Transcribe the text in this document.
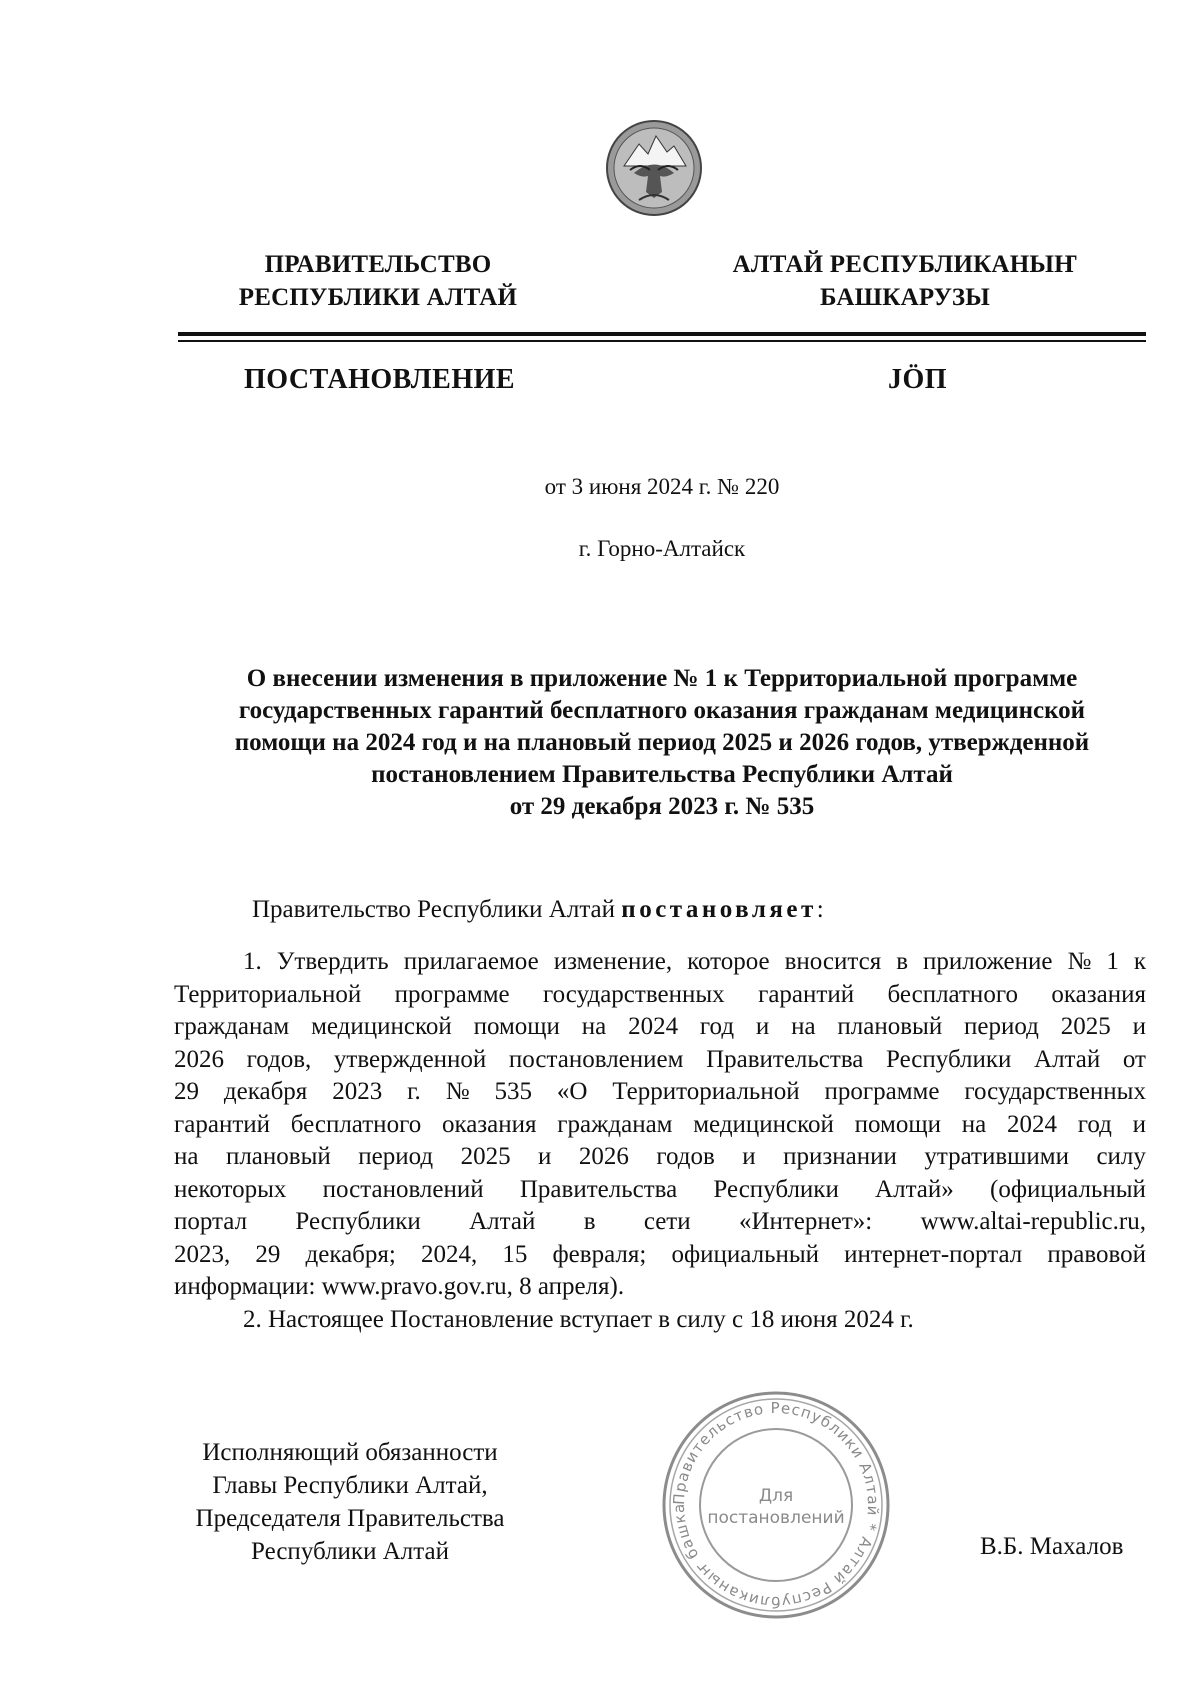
ПРАВИТЕЛЬСТВО
РЕСПУБЛИКИ АЛТАЙ
АЛТАЙ РЕСПУБЛИКАНЫҤ
БАШКАРУЗЫ
ПОСТАНОВЛЕНИЕ	JÖП
от 3 июня 2024 г. № 220
г. Горно-Алтайск
О внесении изменения в приложение № 1 к Территориальной программе
государственных гарантий бесплатного оказания гражданам медицинской
помощи на 2024 год и на плановый период 2025 и 2026 годов, утвержденной
постановлением Правительства Республики Алтай
от 29 декабря 2023 г. № 535
Правительство Республики Алтай постановляет:
1. Утвердить прилагаемое изменение, которое вносится в приложение № 1 к
Территориальной программе государственных гарантий бесплатного оказания
гражданам медицинской помощи на 2024 год и на плановый период 2025 и
2026 годов, утвержденной постановлением Правительства Республики Алтай от
29 декабря 2023 г. № 535 «О Территориальной программе государственных
гарантий бесплатного оказания гражданам медицинской помощи на 2024 год и
на плановый период 2025 и 2026 годов и признании утратившими силу
некоторых постановлений Правительства Республики Алтай» (официальный
портал Республики Алтай в сети «Интернет»: www.altai-republic.ru,
2023, 29 декабря; 2024, 15 февраля; официальный интернет-портал правовой
информации: www.pravo.gov.ru, 8 апреля).
2. Настоящее Постановление вступает в силу с 18 июня 2024 г.
Исполняющий обязанности
Главы Республики Алтай,
Председателя Правительства
Республики Алтай	В.Б. Махалов
Правительство Республики Алтай * Алтай Республиканыҥ башка
Для
постановлений
